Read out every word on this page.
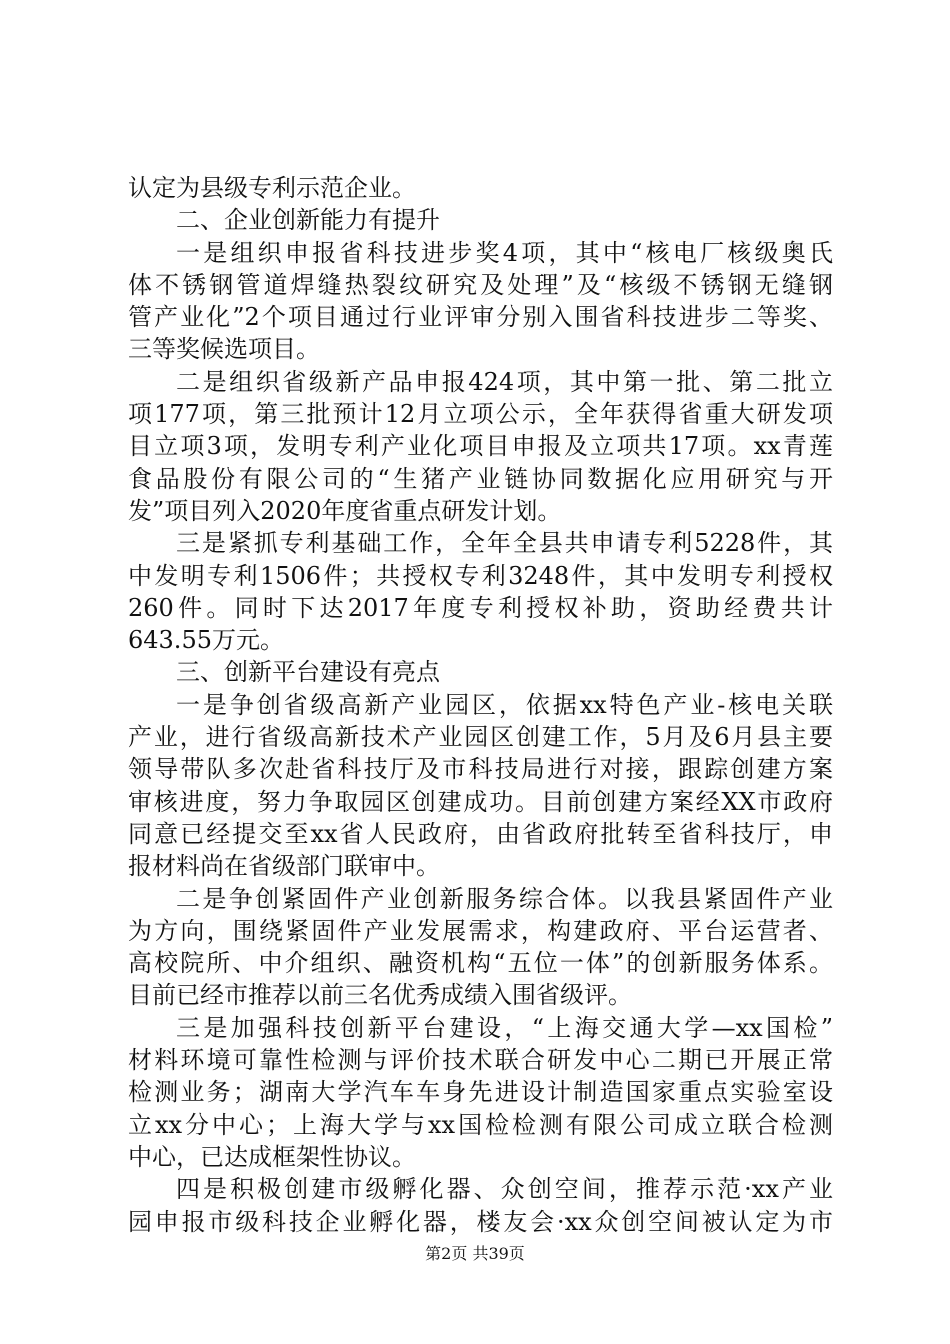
认定为县级专利示范企业。
二、企业创新能力有提升
一是组织申报省科技进步奖4项，其中“核电厂核级奥氏
体不锈钢管道焊缝热裂纹研究及处理”及“核级不锈钢无缝钢
管产业化”2个项目通过行业评审分别入围省科技进步二等奖、
三等奖候选项目。
二是组织省级新产品申报424项，其中第一批、第二批立
项177项，第三批预计12月立项公示，全年获得省重大研发项
目立项3项，发明专利产业化项目申报及立项共17项。xx青莲
食品股份有限公司的“生猪产业链协同数据化应用研究与开
发”项目列入2020年度省重点研发计划。
三是紧抓专利基础工作，全年全县共申请专利5228件，其
中发明专利1506件；共授权专利3248件，其中发明专利授权
260件。同时下达2017年度专利授权补助，资助经费共计
643.55万元。
三、创新平台建设有亮点
一是争创省级高新产业园区，依据xx特色产业-核电关联
产业，进行省级高新技术产业园区创建工作，5月及6月县主要
领导带队多次赴省科技厅及市科技局进行对接，跟踪创建方案
审核进度，努力争取园区创建成功。目前创建方案经XX市政府
同意已经提交至xx省人民政府，由省政府批转至省科技厅，申
报材料尚在省级部门联审中。
二是争创紧固件产业创新服务综合体。以我县紧固件产业
为方向，围绕紧固件产业发展需求，构建政府、平台运营者、
高校院所、中介组织、融资机构“五位一体”的创新服务体系。
目前已经市推荐以前三名优秀成绩入围省级评。
三是加强科技创新平台建设，“上海交通大学—xx国检”
材料环境可靠性检测与评价技术联合研发中心二期已开展正常
检测业务；湖南大学汽车车身先进设计制造国家重点实验室设
立xx分中心；上海大学与xx国检检测有限公司成立联合检测
中心，已达成框架性协议。
四是积极创建市级孵化器、众创空间，推荐示范·xx产业
园申报市级科技企业孵化器，楼友会·xx众创空间被认定为市
第2页 共39页
